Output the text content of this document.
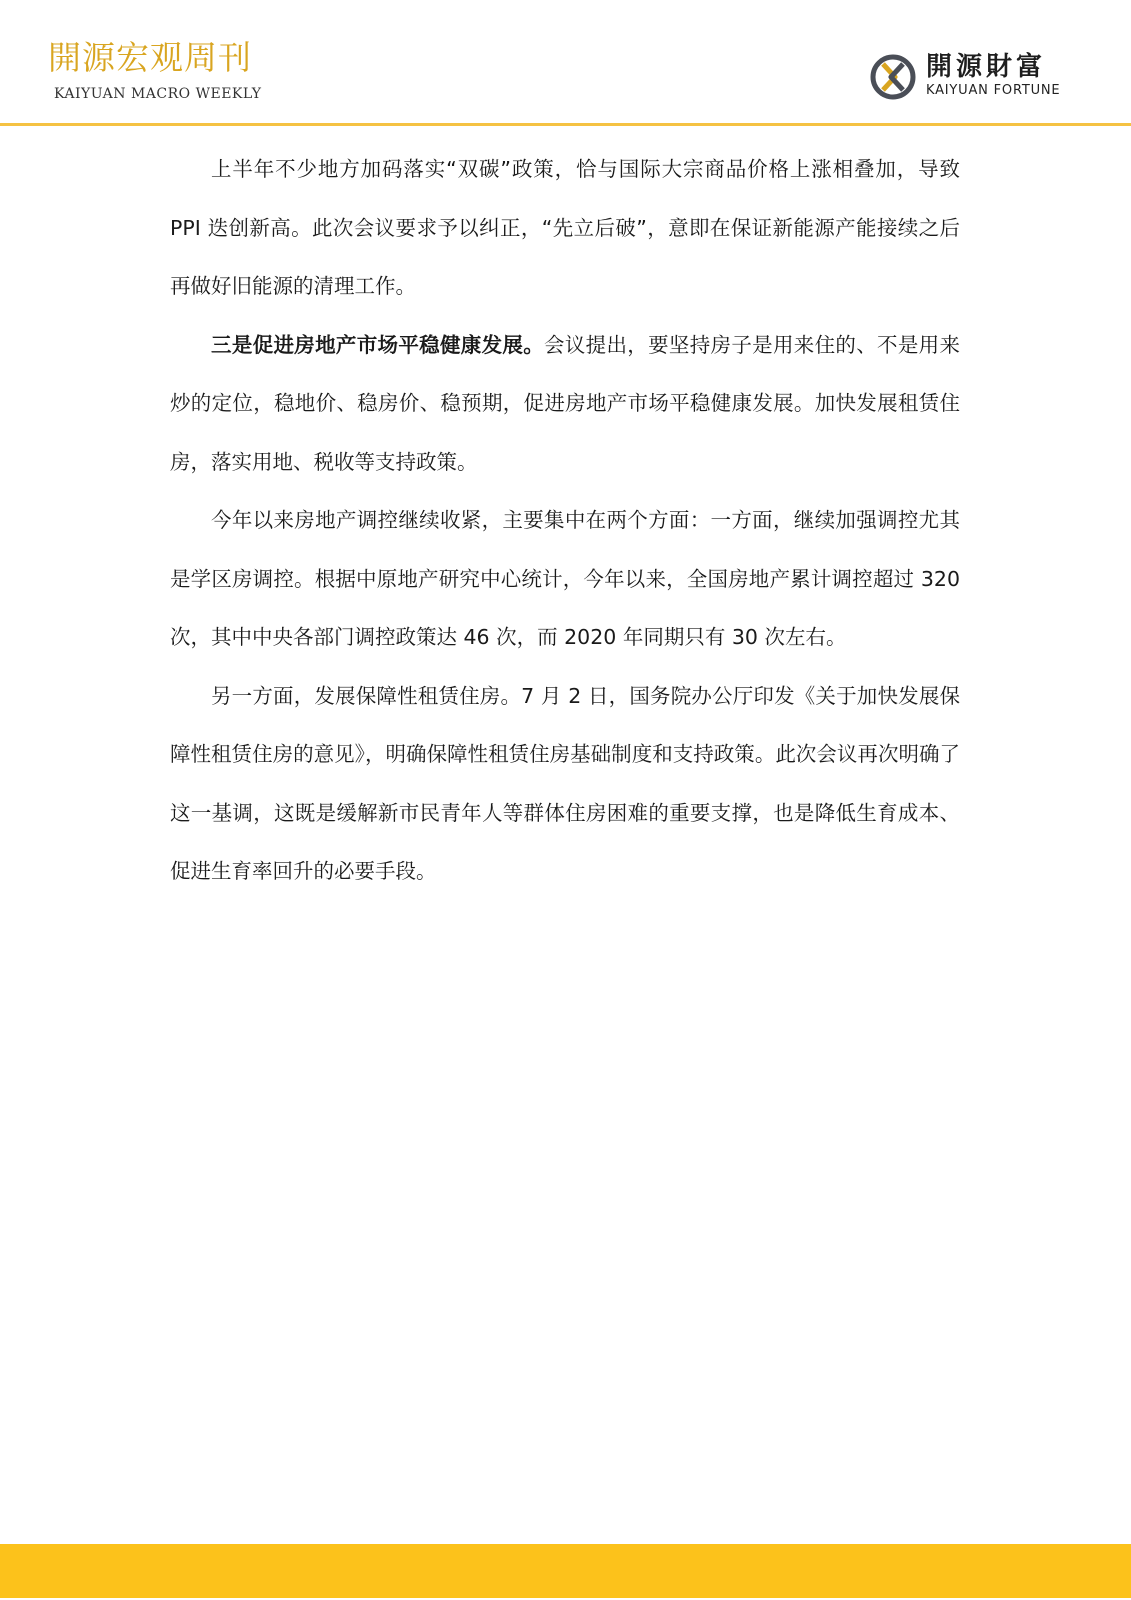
開源宏观周刊
KAIYUAN MACRO WEEKLY
開源財富
KAIYUAN FORTUNE

上半年不少地方加码落实“双碳”政策，恰与国际大宗商品价格上涨相叠加，导致 PPI 迭创新高。此次会议要求予以纠正，“先立后破”，意即在保证新能源产能接续之后再做好旧能源的清理工作。

三是促进房地产市场平稳健康发展。会议提出，要坚持房子是用来住的、不是用来炒的定位，稳地价、稳房价、稳预期，促进房地产市场平稳健康发展。加快发展租赁住房，落实用地、税收等支持政策。

今年以来房地产调控继续收紧，主要集中在两个方面：一方面，继续加强调控尤其是学区房调控。根据中原地产研究中心统计，今年以来，全国房地产累计调控超过 320 次，其中中央各部门调控政策达 46 次，而 2020 年同期只有 30 次左右。

另一方面，发展保障性租赁住房。7 月 2 日，国务院办公厅印发《关于加快发展保障性租赁住房的意见》，明确保障性租赁住房基础制度和支持政策。此次会议再次明确了这一基调，这既是缓解新市民青年人等群体住房困难的重要支撑，也是降低生育成本、促进生育率回升的必要手段。
